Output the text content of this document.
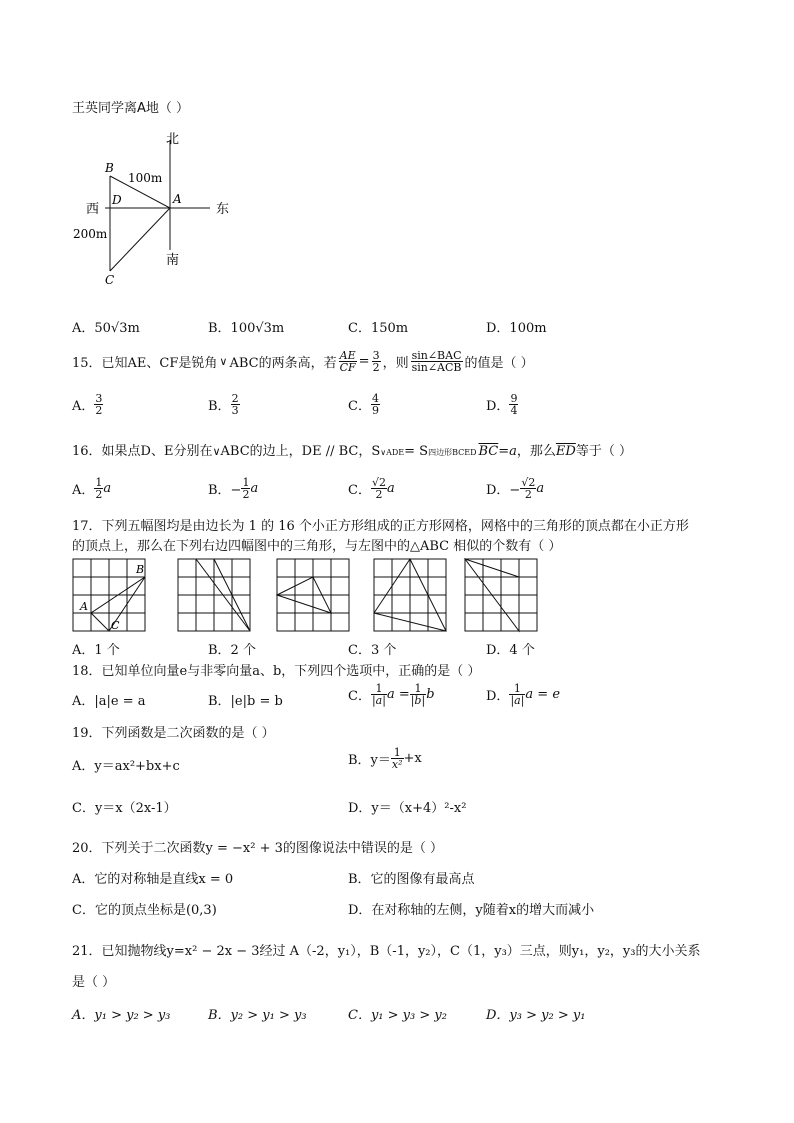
王英同学离A地（ ）
北
南
东
西
B
D	A
C
100m
200m
A．50√3m	B．100√3m	C．150m	D．100m
15．已知AE、CF是锐角 ∨ ABC的两条高，若 $\frac{AE}{CF} = \frac{3}{2}$ ，则 $\frac{\text{sin∠BAC}}{\text{sin∠ACB}}$ 的值是（ ）
A． $\frac{3}{2}$	B． $\frac{2}{3}$	C． $\frac{4}{9}$	D． $\frac{9}{4}$
16．如果点D、E分别在 ∨ ABC的边上，DE // BC，$S_{\vee ADE} = S$ 四边形BCED $\overline{BC} = a$ ，那么 $\overline{ED}$ 等于（ ）
A． $\frac{1}{2}$ a	B．− $\frac{1}{2}$ a	C． $\frac{√2}{2}$ a	D．− $\frac{√2}{2}$ a
17．下列五幅图均是由边长为 1 的 16 个小正方形组成的正方形网格，网格中的三角形的顶点都在小正方形
的顶点上，那么在下列右边四幅图中的三角形，与左图中的△ABC 相似的个数有（ ）
B
A
C
A．1 个	B．2 个	C．3 个	D．4 个
18．已知单位向量e与非零向量a、b，下列四个选项中，正确的是（ ）
A．|a|e = a	B．|e|b = b	C． $\frac{1}{|a|}$ $a = \frac{1}{|b|}$ b	D． $\frac{1}{|a|}$ a = e
19．下列函数是二次函数的是（ ）
A．y＝ax²+bx+c	B．$y= \frac{1}{\text{x²}} +x$
C．y＝x（2x-1）	D．y＝（x+4）²-x²
20．下列关于二次函数y = −x² + 3的图像说法中错误的是（ ）
A．它的对称轴是直线x = 0	B．它的图像有最高点
C．它的顶点坐标是(0,3)	D．在对称轴的左侧，y随着x的增大而减小
21．已知抛物线y=x² − 2x − 3经过 A（-2，y₁），B（-1，y₂），C（1，y₃）三点，则y₁，y₂，y₃的大小关系
是（ ）
A．y₁ > y₂ > y₃	B．y₂ > y₁ > y₃	C．y₁ > y₃ > y₂	D．y₃ > y₂ > y₁
